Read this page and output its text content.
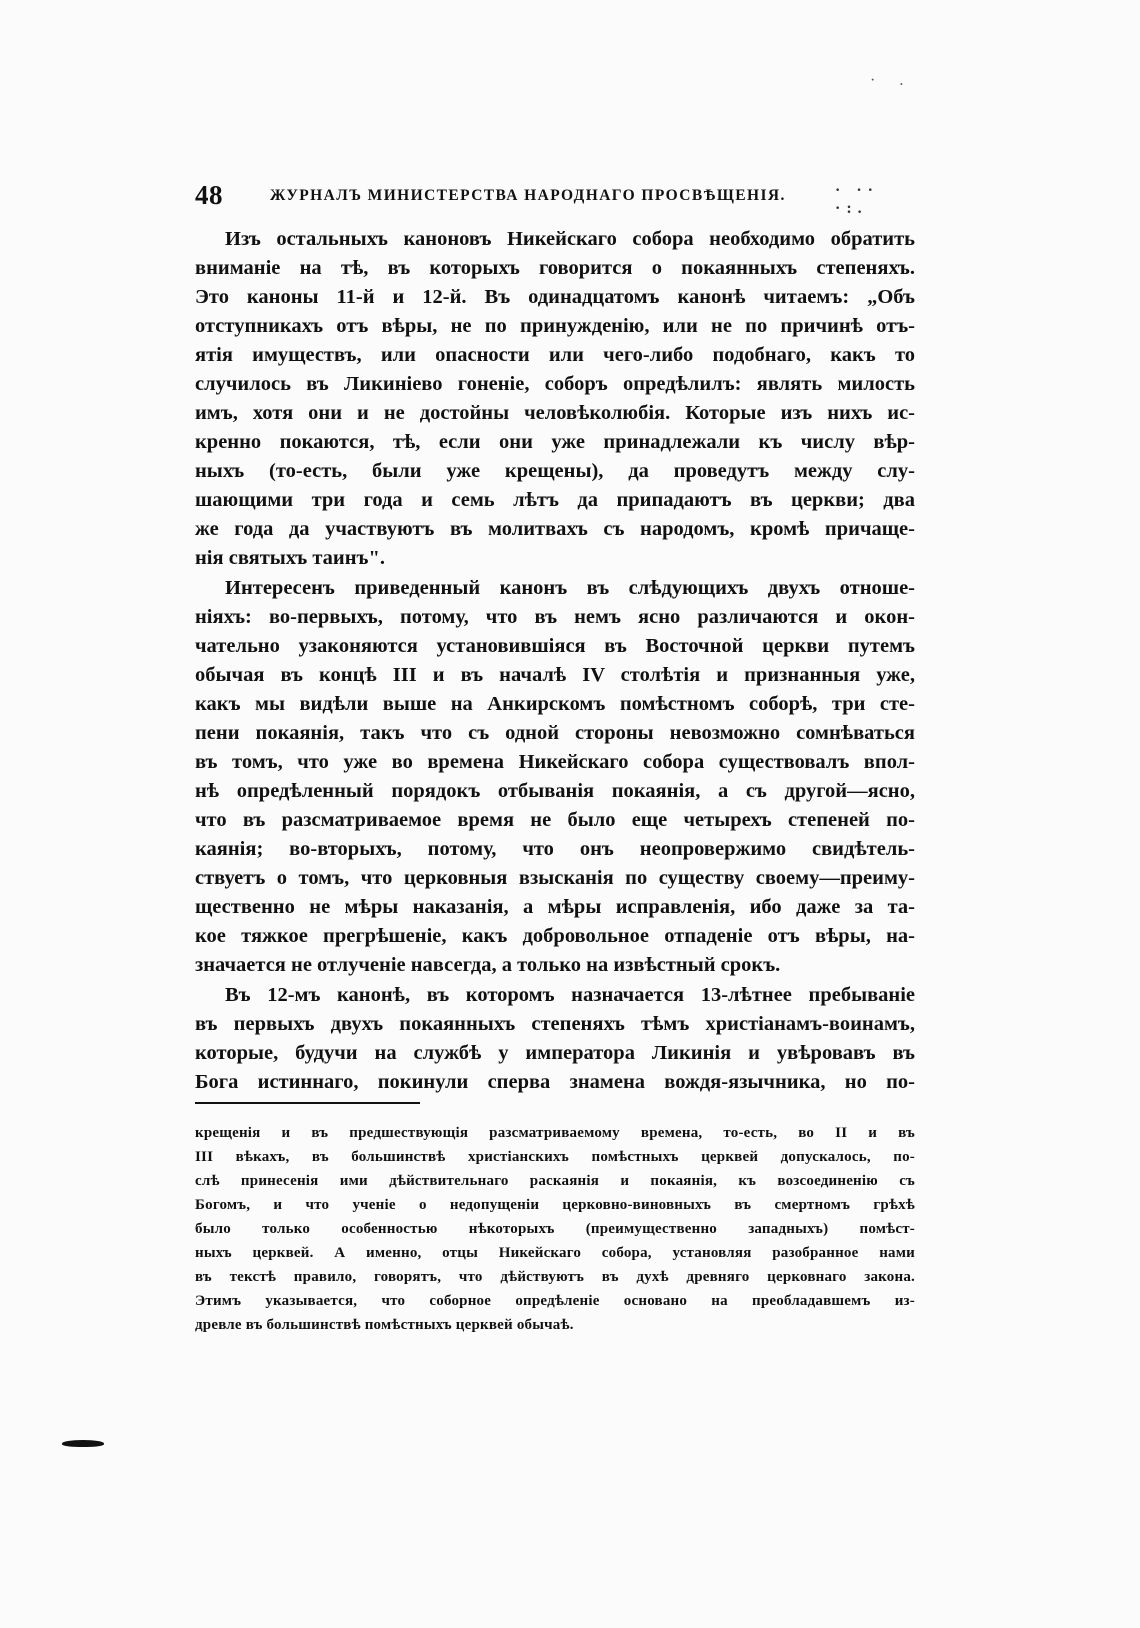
· .
48	ЖУРНАЛЪ МИНИСТЕРСТВА НАРОДНАГО ПРОСВѢЩЕНІЯ.	· ·· ·:.
Изъ остальныхъ каноновъ Никейскаго собора необходимо обратить
вниманіе на тѣ, въ которыхъ говорится о покаянныхъ степеняхъ.
Это каноны 11-й и 12-й. Въ одинадцатомъ канонѣ читаемъ: „Объ
отступникахъ отъ вѣры, не по принужденію, или не по причинѣ отъ-
ятія имуществъ, или опасности или чего-либо подобнаго, какъ то
случилось въ Ликиніево гоненіе, соборъ опредѣлилъ: являть милость
имъ, хотя они и не достойны человѣколюбія. Которые изъ нихъ ис-
кренно покаются, тѣ, если они уже принадлежали къ числу вѣр-
ныхъ (то-есть, были уже крещены), да проведутъ между слу-
шающими три года и семь лѣтъ да припадаютъ въ церкви; два
же года да участвуютъ въ молитвахъ съ народомъ, кромѣ причаще-
нія святыхъ таинъ".
Интересенъ приведенный канонъ въ слѣдующихъ двухъ отноше-
ніяхъ: во-первыхъ, потому, что въ немъ ясно различаются и окон-
чательно узаконяются установившіяся въ Восточной церкви путемъ
обычая въ концѣ III и въ началѣ IV столѣтія и признанныя уже,
какъ мы видѣли выше на Анкирскомъ помѣстномъ соборѣ, три сте-
пени покаянія, такъ что съ одной стороны невозможно сомнѣваться
въ томъ, что уже во времена Никейскаго собора существовалъ впол-
нѣ опредѣленный порядокъ отбыванія покаянія, а съ другой—ясно,
что въ разсматриваемое время не было еще четырехъ степеней по-
каянія; во-вторыхъ, потому, что онъ неопровержимо свидѣтель-
ствуетъ о томъ, что церковныя взысканія по существу своему—преиму-
щественно не мѣры наказанія, а мѣры исправленія, ибо даже за та-
кое тяжкое прегрѣшеніе, какъ добровольное отпаденіе отъ вѣры, на-
значается не отлученіе навсегда, а только на извѣстный срокъ.
Въ 12-мъ канонѣ, въ которомъ назначается 13-лѣтнее пребываніе
въ первыхъ двухъ покаянныхъ степеняхъ тѣмъ христіанамъ-воинамъ,
которые, будучи на службѣ у императора Ликинія и увѣровавъ въ
Бога истиннаго, покинули сперва знамена вождя-язычника, но по-
крещенія и въ предшествующія разсматриваемому времена, то-есть, во II и въ
III вѣкахъ, въ большинствѣ христіанскихъ помѣстныхъ церквей допускалось, по-
слѣ принесенія ими дѣйствительнаго раскаянія и покаянія, къ возсоединенію съ
Богомъ, и что ученіе о недопущеніи церковно-виновныхъ въ смертномъ грѣхѣ
было только особенностью нѣкоторыхъ (преимущественно западныхъ) помѣст-
ныхъ церквей. А именно, отцы Никейскаго собора, установляя разобранное нами
въ текстѣ правило, говорятъ, что дѣйствуютъ въ духѣ древняго церковнаго закона.
Этимъ указывается, что соборное опредѣленіе основано на преобладавшемъ из-
древле въ большинствѣ помѣстныхъ церквей обычаѣ.
